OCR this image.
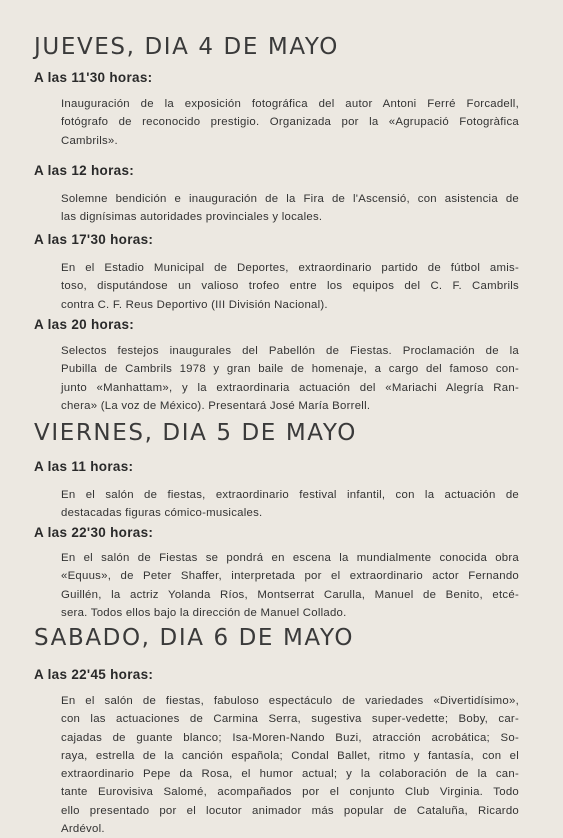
JUEVES, DIA 4 DE MAYO
A las 11'30 horas:

Inauguración de la exposición fotográfica del autor Antoni Ferré Forcadell,
fotógrafo de reconocido prestigio. Organizada por la «Agrupació Fotogràfica
Cambrils».

A las 12 horas:

Solemne bendición e inauguración de la Fira de l'Ascensió, con asistencia de
las dignísimas autoridades provinciales y locales.

A las 17'30 horas:

En el Estadio Municipal de Deportes, extraordinario partido de fútbol amis-
toso, disputándose un valioso trofeo entre los equipos del C. F. Cambrils
contra C. F. Reus Deportivo (III División Nacional).

A las 20 horas:

Selectos festejos inaugurales del Pabellón de Fiestas. Proclamación de la
Pubilla de Cambrils 1978 y gran baile de homenaje, a cargo del famoso con-
junto «Manhattam», y la extraordinaria actuación del «Mariachi Alegría Ran-
chera» (La voz de México). Presentará José María Borrell.

VIERNES, DIA 5 DE MAYO
A las 11 horas:

En el salón de fiestas, extraordinario festival infantil, con la actuación de
destacadas figuras cómico-musicales.

A las 22'30 horas:

En el salón de Fiestas se pondrá en escena la mundialmente conocida obra
«Equus», de Peter Shaffer, interpretada por el extraordinario actor Fernando
Guillén, la actriz Yolanda Ríos, Montserrat Carulla, Manuel de Benito, etcé-
sera. Todos ellos bajo la dirección de Manuel Collado.

SABADO, DIA 6 DE MAYO
A las 22'45 horas:

En el salón de fiestas, fabuloso espectáculo de variedades «Divertidísimo»,
con las actuaciones de Carmina Serra, sugestiva super-vedette; Boby, car-
cajadas de guante blanco; Isa-Moren-Nando Buzi, atracción acrobática; So-
raya, estrella de la canción española; Condal Ballet, ritmo y fantasía, con el
extraordinario Pepe da Rosa, el humor actual; y la colaboración de la can-
tante Eurovisiva Salomé, acompañados por el conjunto Club Virginia. Todo
ello presentado por el locutor animador más popular de Cataluña, Ricardo
Ardévol.
